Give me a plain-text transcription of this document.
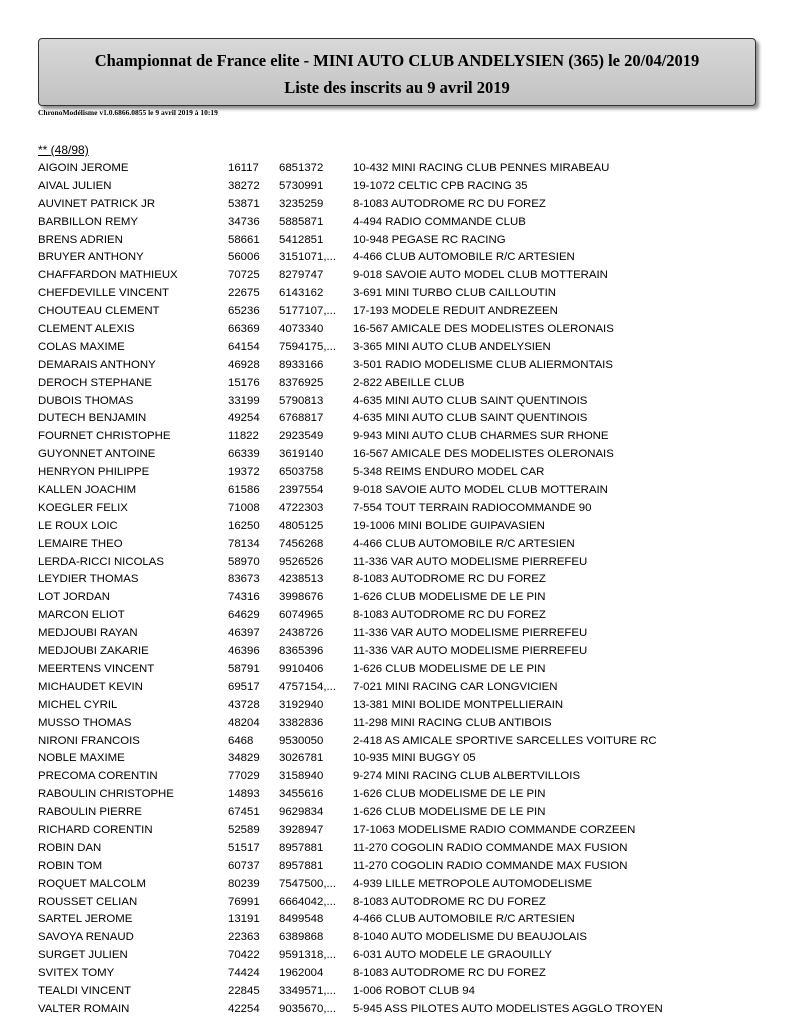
Championnat de France elite - MINI AUTO CLUB ANDELYSIEN (365) le 20/04/2019
Liste des inscrits au 9 avril 2019
ChronoModélisme v1.0.6866.0855 le 9 avril 2019 à 10:19
** (48/98)
AIGOIN JEROME	16117 6851372	10-432 MINI RACING CLUB PENNES MIRABEAU
AIVAL JULIEN	38272 5730991	19-1072 CELTIC CPB RACING 35
AUVINET PATRICK JR	53871 3235259	8-1083 AUTODROME RC DU FOREZ
BARBILLON REMY	34736 5885871	4-494 RADIO COMMANDE CLUB
BRENS ADRIEN	58661 5412851	10-948 PEGASE RC RACING
BRUYER ANTHONY	56006 3151071,... 4-466 CLUB AUTOMOBILE R/C ARTESIEN
CHAFFARDON MATHIEUX	70725 8279747	9-018 SAVOIE AUTO MODEL CLUB MOTTERAIN
CHEFDEVILLE VINCENT	22675 6143162	3-691 MINI TURBO CLUB CAILLOUTIN
CHOUTEAU CLEMENT	65236 5177107,... 17-193 MODELE REDUIT ANDREZEEN
CLEMENT ALEXIS	66369 4073340	16-567 AMICALE DES MODELISTES OLERONAIS
COLAS MAXIME	64154 7594175,... 3-365 MINI AUTO CLUB ANDELYSIEN
DEMARAIS ANTHONY	46928 8933166	3-501 RADIO MODELISME CLUB ALIERMONTAIS
DEROCH STEPHANE	15176 8376925	2-822 ABEILLE CLUB
DUBOIS THOMAS	33199 5790813	4-635 MINI AUTO CLUB SAINT QUENTINOIS
DUTECH BENJAMIN	49254 6768817	4-635 MINI AUTO CLUB SAINT QUENTINOIS
FOURNET CHRISTOPHE	11822 2923549	9-943 MINI AUTO CLUB CHARMES SUR RHONE
GUYONNET ANTOINE	66339 3619140	16-567 AMICALE DES MODELISTES OLERONAIS
HENRYON PHILIPPE	19372 6503758	5-348 REIMS ENDURO MODEL CAR
KALLEN JOACHIM	61586 2397554	9-018 SAVOIE AUTO MODEL CLUB MOTTERAIN
KOEGLER FELIX	71008 4722303	7-554 TOUT TERRAIN RADIOCOMMANDE 90
LE ROUX LOIC	16250 4805125	19-1006 MINI BOLIDE GUIPAVASIEN
LEMAIRE THEO	78134 7456268	4-466 CLUB AUTOMOBILE R/C ARTESIEN
LERDA-RICCI NICOLAS	58970 9526526	11-336 VAR AUTO MODELISME PIERREFEU
LEYDIER THOMAS	83673 4238513	8-1083 AUTODROME RC DU FOREZ
LOT JORDAN	74316 3998676	1-626 CLUB MODELISME DE LE PIN
MARCON ELIOT	64629 6074965	8-1083 AUTODROME RC DU FOREZ
MEDJOUBI RAYAN	46397 2438726	11-336 VAR AUTO MODELISME PIERREFEU
MEDJOUBI ZAKARIE	46396 8365396	11-336 VAR AUTO MODELISME PIERREFEU
MEERTENS VINCENT	58791 9910406	1-626 CLUB MODELISME DE LE PIN
MICHAUDET KEVIN	69517 4757154,... 7-021 MINI RACING CAR LONGVICIEN
MICHEL CYRIL	43728 3192940	13-381 MINI BOLIDE MONTPELLIERAIN
MUSSO THOMAS	48204 3382836	11-298 MINI RACING CLUB ANTIBOIS
NIRONI FRANCOIS	6468 9530050	2-418 AS AMICALE SPORTIVE SARCELLES VOITURE RC
NOBLE MAXIME	34829 3026781	10-935 MINI BUGGY 05
PRECOMA CORENTIN	77029 3158940	9-274 MINI RACING CLUB ALBERTVILLOIS
RABOULIN CHRISTOPHE	14893 3455616	1-626 CLUB MODELISME DE LE PIN
RABOULIN PIERRE	67451 9629834	1-626 CLUB MODELISME DE LE PIN
RICHARD CORENTIN	52589 3928947	17-1063 MODELISME RADIO COMMANDE CORZEEN
ROBIN DAN	51517 8957881	11-270 COGOLIN RADIO COMMANDE MAX FUSION
ROBIN TOM	60737 8957881	11-270 COGOLIN RADIO COMMANDE MAX FUSION
ROQUET MALCOLM	80239 7547500,... 4-939 LILLE METROPOLE AUTOMODELISME
ROUSSET CELIAN	76991 6664042,... 8-1083 AUTODROME RC DU FOREZ
SARTEL JEROME	13191 8499548	4-466 CLUB AUTOMOBILE R/C ARTESIEN
SAVOYA RENAUD	22363 6389868	8-1040 AUTO MODELISME DU BEAUJOLAIS
SURGET JULIEN	70422 9591318,... 6-031 AUTO MODELE LE GRAOUILLY
SVITEX TOMY	74424 1962004	8-1083 AUTODROME RC DU FOREZ
TEALDI VINCENT	22845 3349571,... 1-006 ROBOT CLUB 94
VALTER ROMAIN	42254 9035670,... 5-945 ASS PILOTES AUTO MODELISTES AGGLO TROYEN
